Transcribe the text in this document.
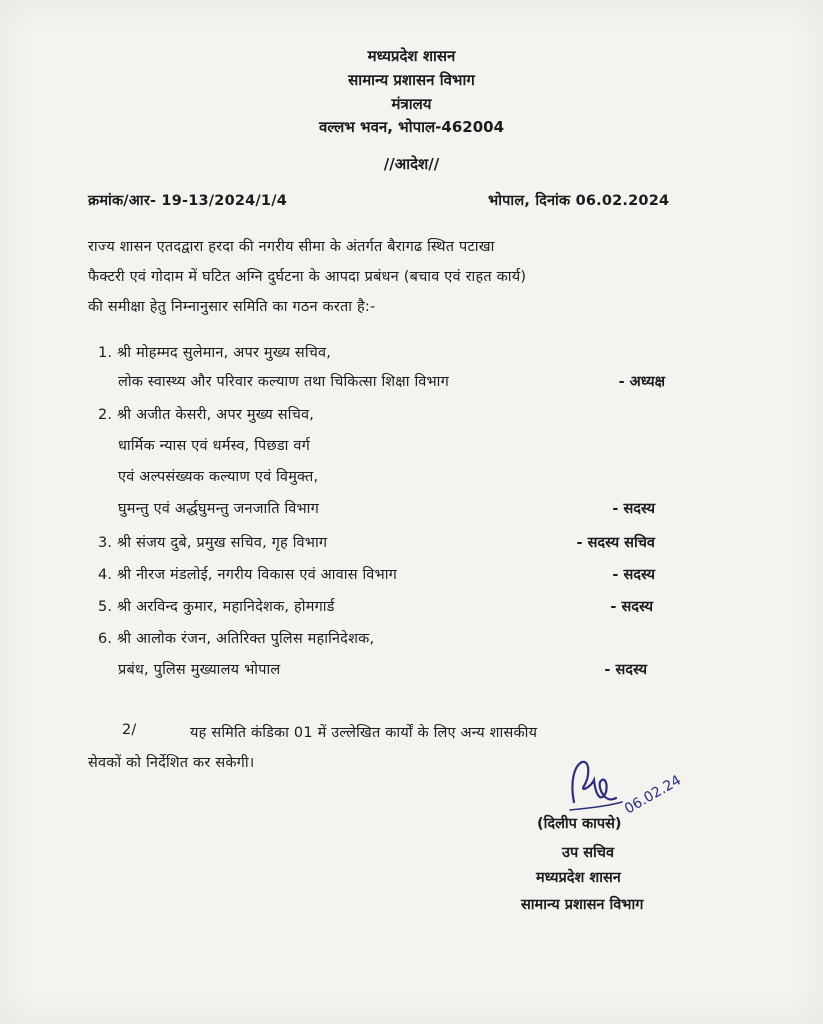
मध्यप्रदेश शासन
सामान्य प्रशासन विभाग
मंत्रालय
वल्लभ भवन, भोपाल-462004
//आदेश//
क्रमांक/आर- 19-13/2024/1/4	भोपाल, दिनांक 06.02.2024
राज्य शासन एतदद्वारा हरदा की नगरीय सीमा के अंतर्गत बैरागढ स्थित पटाखा
फैक्टरी एवं गोदाम में घटित अग्नि दुर्घटना के आपदा प्रबंधन (बचाव एवं राहत कार्य)
की समीक्षा हेतु निम्नानुसार समिति का गठन करता है:-
1. श्री मोहम्मद सुलेमान, अपर मुख्य सचिव,
लोक स्वास्थ्य और परिवार कल्याण तथा चिकित्सा शिक्षा विभाग	- अध्यक्ष
2. श्री अजीत केसरी, अपर मुख्य सचिव,
धार्मिक न्यास एवं धर्मस्व, पिछडा वर्ग
एवं अल्पसंख्यक कल्याण एवं विमुक्त,
घुमन्तु एवं अर्द्धघुमन्तु जनजाति विभाग	- सदस्य
3. श्री संजय दुबे, प्रमुख सचिव, गृह विभाग	- सदस्य सचिव
4. श्री नीरज मंडलोई, नगरीय विकास एवं आवास विभाग	- सदस्य
5. श्री अरविन्द कुमार, महानिदेशक, होमगार्ड	- सदस्य
6. श्री आलोक रंजन, अतिरिक्त पुलिस महानिदेशक,
प्रबंध, पुलिस मुख्यालय भोपाल	- सदस्य
2/	यह समिति कंडिका 01 में उल्लेखित कार्यों के लिए अन्य शासकीय
सेवकों को निर्देशित कर सकेगी।
06.02.24
(दिलीप कापसे)
उप सचिव
मध्यप्रदेश शासन
सामान्य प्रशासन विभाग
